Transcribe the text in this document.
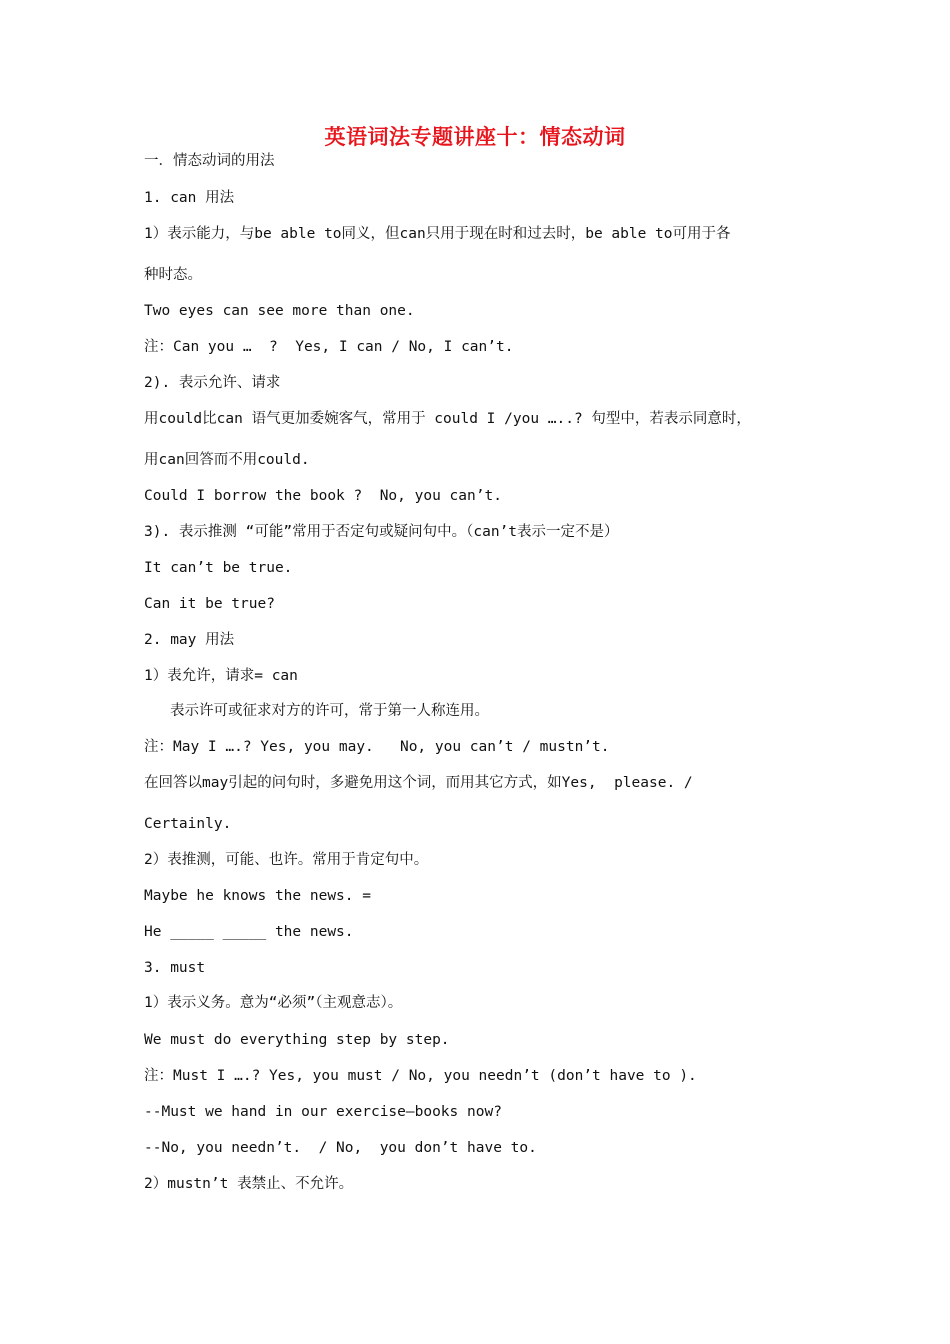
英语词法专题讲座十：情态动词
一．情态动词的用法
1. can 用法
1）表示能力，与be able to同义，但can只用于现在时和过去时，be able to可用于各
种时态。
Two eyes can see more than one.
注：Can you …  ?  Yes, I can / No, I can’t.
2). 表示允许、请求
用could比can 语气更加委婉客气，常用于 could I /you …..? 句型中，若表示同意时，
用can回答而不用could.
Could I borrow the book ?  No, you can’t.
3). 表示推测 “可能”常用于否定句或疑问句中。（can’t表示一定不是）
It can’t be true.
Can it be true?
2. may 用法
1）表允许，请求= can
表示许可或征求对方的许可，常于第一人称连用。
注：May I ….? Yes, you may.   No, you can’t / mustn’t.
在回答以may引起的问句时，多避免用这个词，而用其它方式，如Yes,  please. /
Certainly.
2）表推测，可能、也许。常用于肯定句中。
Maybe he knows the news. =
He _____ _____ the news.
3. must
1）表示义务。意为“必须”（主观意志）。
We must do everything step by step.
注：Must I ….? Yes, you must / No, you needn’t (don’t have to ).
--Must we hand in our exercise—books now?
--No, you needn’t.  / No,  you don’t have to.
2）mustn’t 表禁止、不允许。
